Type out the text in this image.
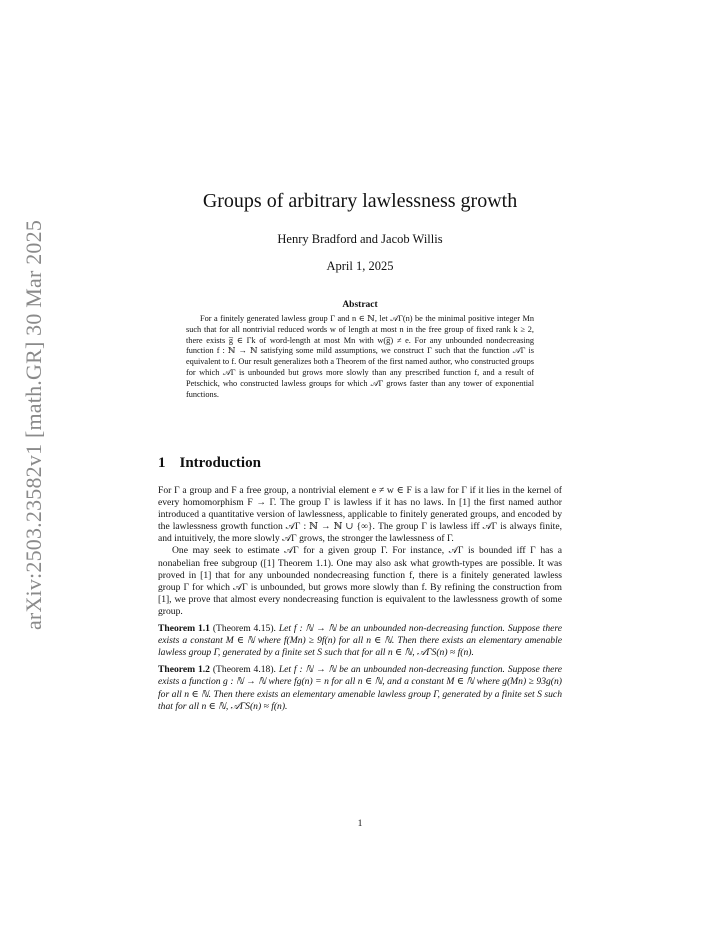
arXiv:2503.23582v1 [math.GR] 30 Mar 2025
Groups of arbitrary lawlessness growth
Henry Bradford and Jacob Willis
April 1, 2025
Abstract

For a finitely generated lawless group Γ and n ∈ ℕ, let 𝒜Γ(n) be the minimal positive integer Mn such that for all nontrivial reduced words w of length at most n in the free group of fixed rank k ≥ 2, there exists g̅ ∈ Γk of word-length at most Mn with w(g̅) ≠ e. For any unbounded nondecreasing function f : ℕ → ℕ satisfying some mild assumptions, we construct Γ such that the function 𝒜Γ is equivalent to f. Our result generalizes both a Theorem of the first named author, who constructed groups for which 𝒜Γ is unbounded but grows more slowly than any prescribed function f, and a result of Petschick, who constructed lawless groups for which 𝒜Γ grows faster than any tower of exponential functions.

1 Introduction

For Γ a group and F a free group, a nontrivial element e ≠ w ∈ F is a law for Γ if it lies in the kernel of every homomorphism F → Γ. The group Γ is lawless if it has no laws. In [1] the first named author introduced a quantitative version of lawlessness, applicable to finitely generated groups, and encoded by the lawlessness growth function 𝒜Γ : ℕ → ℕ ∪ {∞}. The group Γ is lawless iff 𝒜Γ is always finite, and intuitively, the more slowly 𝒜Γ grows, the stronger the lawlessness of Γ.

One may seek to estimate 𝒜Γ for a given group Γ. For instance, 𝒜Γ is bounded iff Γ has a nonabelian free subgroup ([1] Theorem 1.1). One may also ask what growth-types are possible. It was proved in [1] that for any unbounded nondecreasing function f, there is a finitely generated lawless group Γ for which 𝒜Γ is unbounded, but grows more slowly than f. By refining the construction from [1], we prove that almost every nondecreasing function is equivalent to the lawlessness growth of some group.

Theorem 1.1 (Theorem 4.15). Let f : ℕ → ℕ be an unbounded non-decreasing function. Suppose there exists a constant M ∈ ℕ where f(Mn) ≥ 9f(n) for all n ∈ ℕ. Then there exists an elementary amenable lawless group Γ, generated by a finite set S such that for all n ∈ ℕ, 𝒜ΓS(n) ≈ f(n).

Theorem 1.2 (Theorem 4.18). Let f : ℕ → ℕ be an unbounded non-decreasing function. Suppose there exists a function g : ℕ → ℕ where fg(n) = n for all n ∈ ℕ, and a constant M ∈ ℕ where g(Mn) ≥ 93g(n) for all n ∈ ℕ. Then there exists an elementary amenable lawless group Γ, generated by a finite set S such that for all n ∈ ℕ, 𝒜ΓS(n) ≈ f(n).

1
